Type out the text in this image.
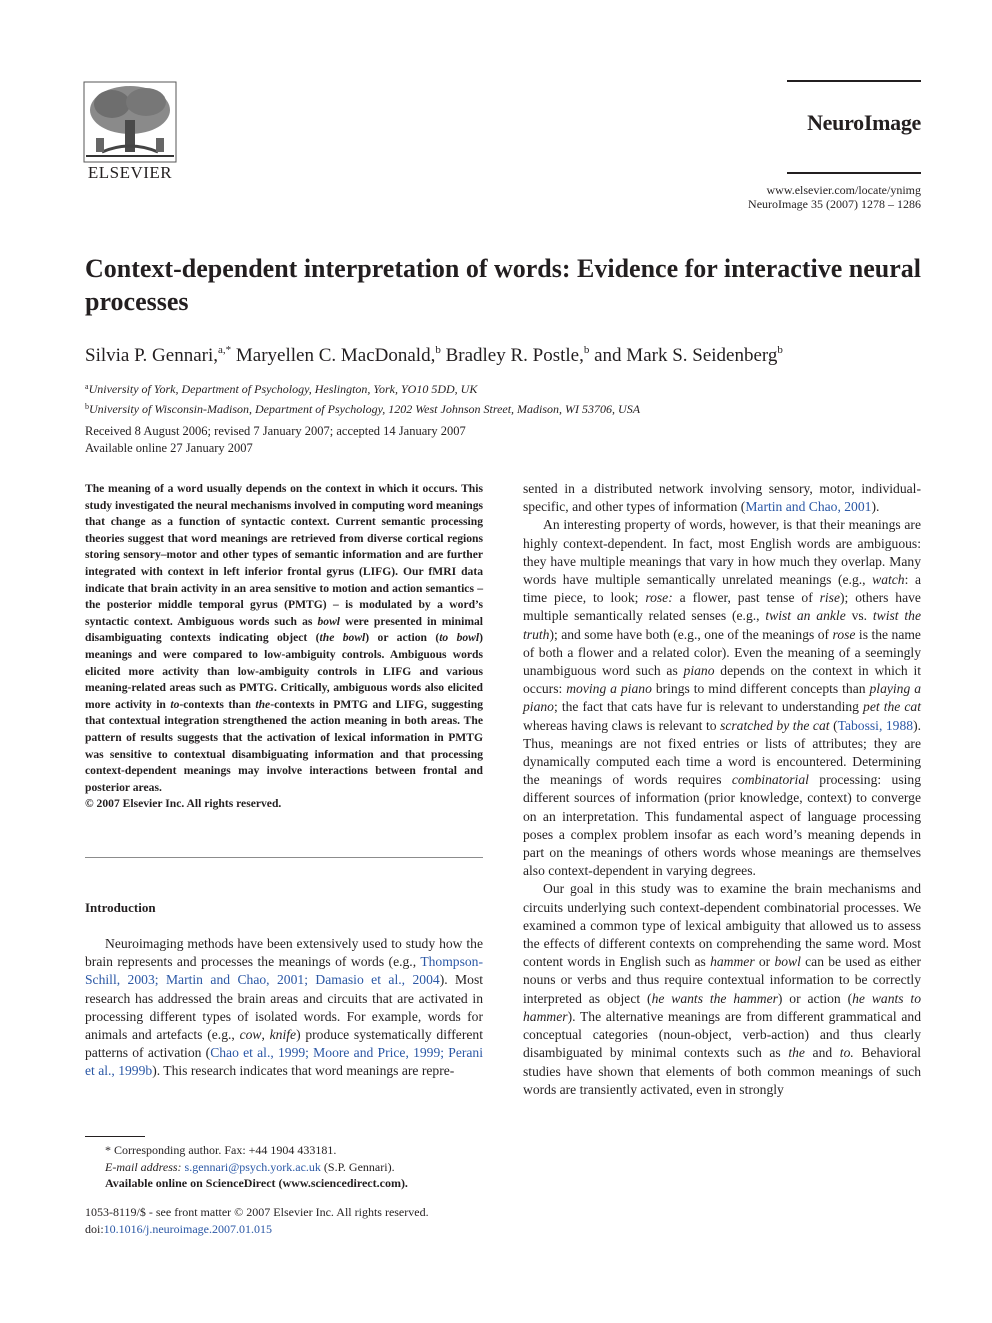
ELSEVIER
NeuroImage
www.elsevier.com/locate/ynimg
NeuroImage 35 (2007) 1278 – 1286
Context-dependent interpretation of words: Evidence for interactive neural processes
Silvia P. Gennari,$^{a,*}$ Maryellen C. MacDonald,$^b$ Bradley R. Postle,$^b$ and Mark S. Seidenberg$^b$
$^a$University of York, Department of Psychology, Heslington, York, YO10 5DD, UK
$^b$University of Wisconsin-Madison, Department of Psychology, 1202 West Johnson Street, Madison, WI 53706, USA
Received 8 August 2006; revised 7 January 2007; accepted 14 January 2007
Available online 27 January 2007
The meaning of a word usually depends on the context in which it occurs. This study investigated the neural mechanisms involved in computing word meanings that change as a function of syntactic context. Current semantic processing theories suggest that word meanings are retrieved from diverse cortical regions storing sensory–motor and other types of semantic information and are further integrated with context in left inferior frontal gyrus (LIFG). Our fMRI data indicate that brain activity in an area sensitive to motion and action semantics – the posterior middle temporal gyrus (PMTG) – is modulated by a word’s syntactic context. Ambiguous words such as bowl were presented in minimal disambiguating contexts indicating object (the bowl) or action (to bowl) meanings and were compared to low-ambiguity controls. Ambiguous words elicited more activity than low-ambiguity controls in LIFG and various meaning-related areas such as PMTG. Critically, ambiguous words also elicited more activity in to-contexts than the-contexts in PMTG and LIFG, suggesting that contextual integration strengthened the action meaning in both areas. The pattern of results suggests that the activation of lexical information in PMTG was sensitive to contextual disambiguating information and that processing context-dependent meanings may involve interactions between frontal and posterior areas.
© 2007 Elsevier Inc. All rights reserved.
Introduction

Neuroimaging methods have been extensively used to study how the brain represents and processes the meanings of words (e.g., Thompson-Schill, 2003; Martin and Chao, 2001; Damasio et al., 2004). Most research has addressed the brain areas and circuits that are activated in processing different types of isolated words. For example, words for animals and artefacts (e.g., cow, knife) produce systematically different patterns of activation (Chao et al., 1999; Moore and Price, 1999; Perani et al., 1999b). This research indicates that word meanings are repre-

sented in a distributed network involving sensory, motor, individual-specific, and other types of information (Martin and Chao, 2001).

An interesting property of words, however, is that their meanings are highly context-dependent. In fact, most English words are ambiguous: they have multiple meanings that vary in how much they overlap. Many words have multiple semantically unrelated meanings (e.g., watch: a time piece, to look; rose: a flower, past tense of rise); others have multiple semantically related senses (e.g., twist an ankle vs. twist the truth); and some have both (e.g., one of the meanings of rose is the name of both a flower and a related color). Even the meaning of a seemingly unambiguous word such as piano depends on the context in which it occurs: moving a piano brings to mind different concepts than playing a piano; the fact that cats have fur is relevant to understanding pet the cat whereas having claws is relevant to scratched by the cat (Tabossi, 1988). Thus, meanings are not fixed entries or lists of attributes; they are dynamically computed each time a word is encountered. Determining the meanings of words requires combinatorial processing: using different sources of information (prior knowledge, context) to converge on an interpretation. This fundamental aspect of language processing poses a complex problem insofar as each word’s meaning depends in part on the meanings of others words whose meanings are themselves also context-dependent in varying degrees.

Our goal in this study was to examine the brain mechanisms and circuits underlying such context-dependent combinatorial processes. We examined a common type of lexical ambiguity that allowed us to assess the effects of different contexts on comprehending the same word. Most content words in English such as hammer or bowl can be used as either nouns or verbs and thus require contextual information to be correctly interpreted as object (he wants the hammer) or action (he wants to hammer). The alternative meanings are from different grammatical and conceptual categories (noun-object, verb-action) and thus clearly disambiguated by minimal contexts such as the and to. Behavioral studies have shown that elements of both common meanings of such words are transiently activated, even in strongly

* Corresponding author. Fax: +44 1904 433181.
E-mail address: s.gennari@psych.york.ac.uk (S.P. Gennari).
Available online on ScienceDirect (www.sciencedirect.com).
1053-8119/$ - see front matter © 2007 Elsevier Inc. All rights reserved.
doi:10.1016/j.neuroimage.2007.01.015
